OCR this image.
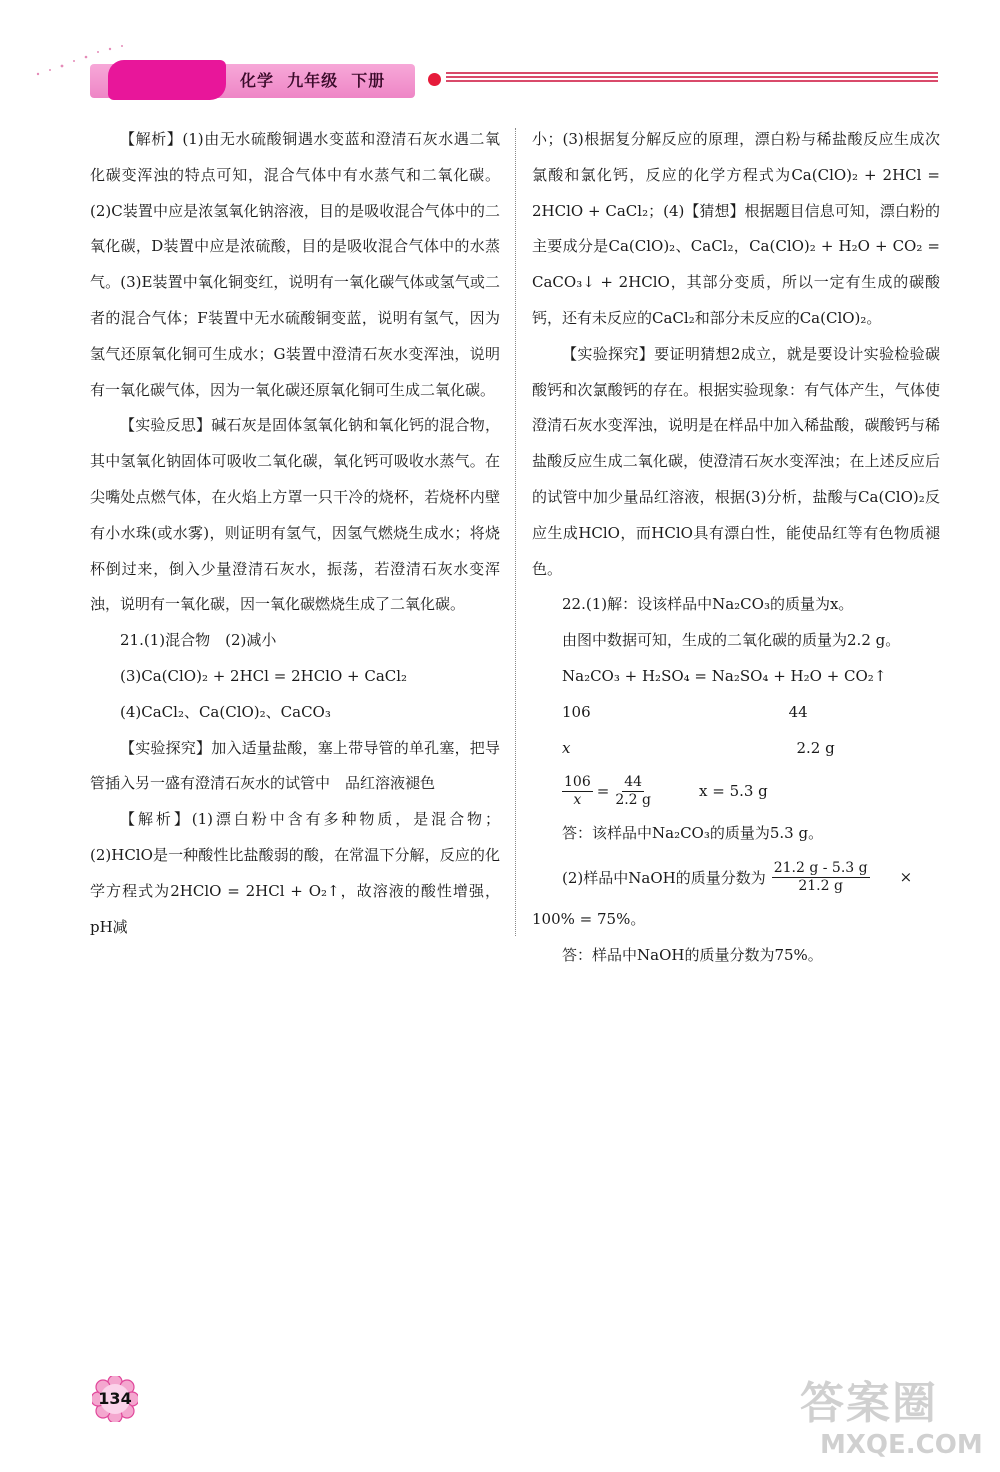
化学  九年级  下册

【解析】(1)由无水硫酸铜遇水变蓝和澄清石灰水遇二氧化碳变浑浊的特点可知，混合气体中有水蒸气和二氧化碳。(2)C装置中应是浓氢氧化钠溶液，目的是吸收混合气体中的二氧化碳，D装置中应是浓硫酸，目的是吸收混合气体中的水蒸气。(3)E装置中氧化铜变红，说明有一氧化碳气体或氢气或二者的混合气体；F装置中无水硫酸铜变蓝，说明有氢气，因为氢气还原氧化铜可生成水；G装置中澄清石灰水变浑浊，说明有一氧化碳气体，因为一氧化碳还原氧化铜可生成二氧化碳。

【实验反思】碱石灰是固体氢氧化钠和氧化钙的混合物，其中氢氧化钠固体可吸收二氧化碳，氧化钙可吸收水蒸气。在尖嘴处点燃气体，在火焰上方罩一只干冷的烧杯，若烧杯内壁有小水珠(或水雾)，则证明有氢气，因氢气燃烧生成水；将烧杯倒过来，倒入少量澄清石灰水，振荡，若澄清石灰水变浑浊，说明有一氧化碳，因一氧化碳燃烧生成了二氧化碳。

21.(1)混合物　(2)减小

(3)Ca(ClO)₂ + 2HCl = 2HClO + CaCl₂

(4)CaCl₂、Ca(ClO)₂、CaCO₃

【实验探究】加入适量盐酸，塞上带导管的单孔塞，把导管插入另一盛有澄清石灰水的试管中　品红溶液褪色

【解析】(1)漂白粉中含有多种物质，是混合物；(2)HClO是一种酸性比盐酸弱的酸，在常温下分解，反应的化学方程式为2HClO = 2HCl + O₂↑，故溶液的酸性增强，pH减

小；(3)根据复分解反应的原理，漂白粉与稀盐酸反应生成次氯酸和氯化钙，反应的化学方程式为Ca(ClO)₂ + 2HCl = 2HClO + CaCl₂；(4)【猜想】根据题目信息可知，漂白粉的主要成分是Ca(ClO)₂、CaCl₂，Ca(ClO)₂ + H₂O + CO₂ = CaCO₃↓ + 2HClO，其部分变质，所以一定有生成的碳酸钙，还有未反应的CaCl₂和部分未反应的Ca(ClO)₂。

【实验探究】要证明猜想2成立，就是要设计实验检验碳酸钙和次氯酸钙的存在。根据实验现象：有气体产生，气体使澄清石灰水变浑浊，说明是在样品中加入稀盐酸，碳酸钙与稀盐酸反应生成二氧化碳，使澄清石灰水变浑浊；在上述反应后的试管中加少量品红溶液，根据(3)分析，盐酸与Ca(ClO)₂反应生成HClO，而HClO具有漂白性，能使品红等有色物质褪色。

22.(1)解：设该样品中Na₂CO₃的质量为x。

由图中数据可知，生成的二氧化碳的质量为2.2 g。

Na₂CO₃ + H₂SO₄ = Na₂SO₄ + H₂O + CO₂↑

106	44

x	2.2 g

$\frac{106}{x} = \frac{44}{2.2 g}$	x = 5.3 g

答：该样品中Na₂CO₃的质量为5.3 g。

(2)样品中NaOH的质量分数为 $\frac{21.2 g - 5.3 g}{21.2 g}$ ×

100% = 75%。

答：样品中NaOH的质量分数为75%。

134	答案圈
MXQE.COM
